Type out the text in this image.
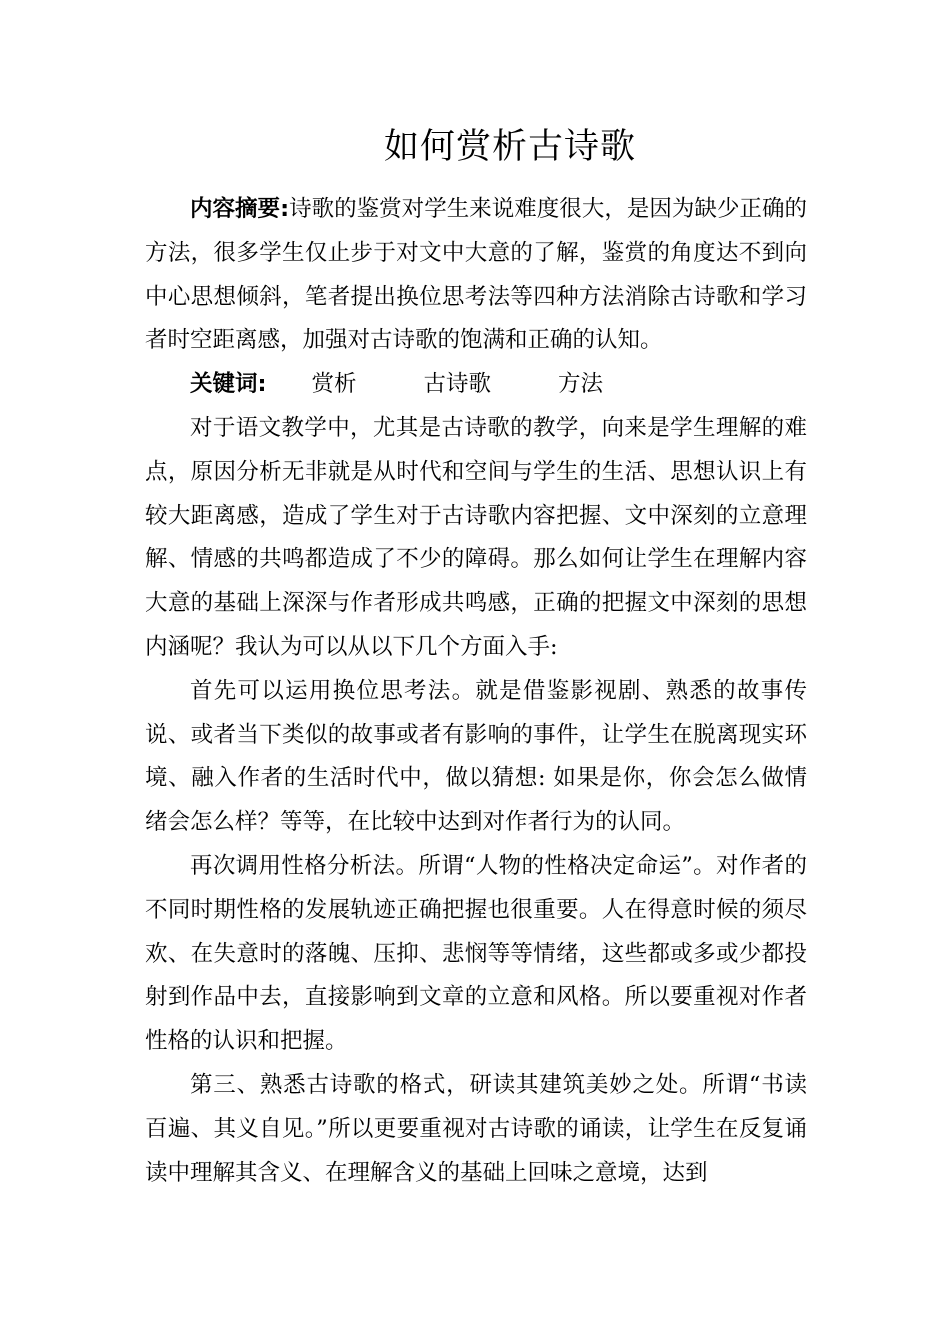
如何赏析古诗歌

内容摘要:诗歌的鉴赏对学生来说难度很大，是因为缺少正确的方法，很多学生仅止步于对文中大意的了解，鉴赏的角度达不到向中心思想倾斜，笔者提出换位思考法等四种方法消除古诗歌和学习者时空距离感，加强对古诗歌的饱满和正确的认知。

关键词: 赏析	古诗歌	方法

对于语文教学中，尤其是古诗歌的教学，向来是学生理解的难点，原因分析无非就是从时代和空间与学生的生活、思想认识上有较大距离感，造成了学生对于古诗歌内容把握、文中深刻的立意理解、情感的共鸣都造成了不少的障碍。那么如何让学生在理解内容大意的基础上深深与作者形成共鸣感，正确的把握文中深刻的思想内涵呢？我认为可以从以下几个方面入手:

首先可以运用换位思考法。就是借鉴影视剧、熟悉的故事传说、或者当下类似的故事或者有影响的事件，让学生在脱离现实环境、融入作者的生活时代中，做以猜想: 如果是你，你会怎么做情绪会怎么样？等等，在比较中达到对作者行为的认同。

再次调用性格分析法。所谓“人物的性格决定命运”。对作者的不同时期性格的发展轨迹正确把握也很重要。人在得意时候的须尽欢、在失意时的落魄、压抑、悲悯等等情绪，这些都或多或少都投射到作品中去，直接影响到文章的立意和风格。所以要重视对作者性格的认识和把握。

第三、熟悉古诗歌的格式，研读其建筑美妙之处。所谓“书读百遍、其义自见。”所以更要重视对古诗歌的诵读，让学生在反复诵读中理解其含义、在理解含义的基础上回味之意境，达到
